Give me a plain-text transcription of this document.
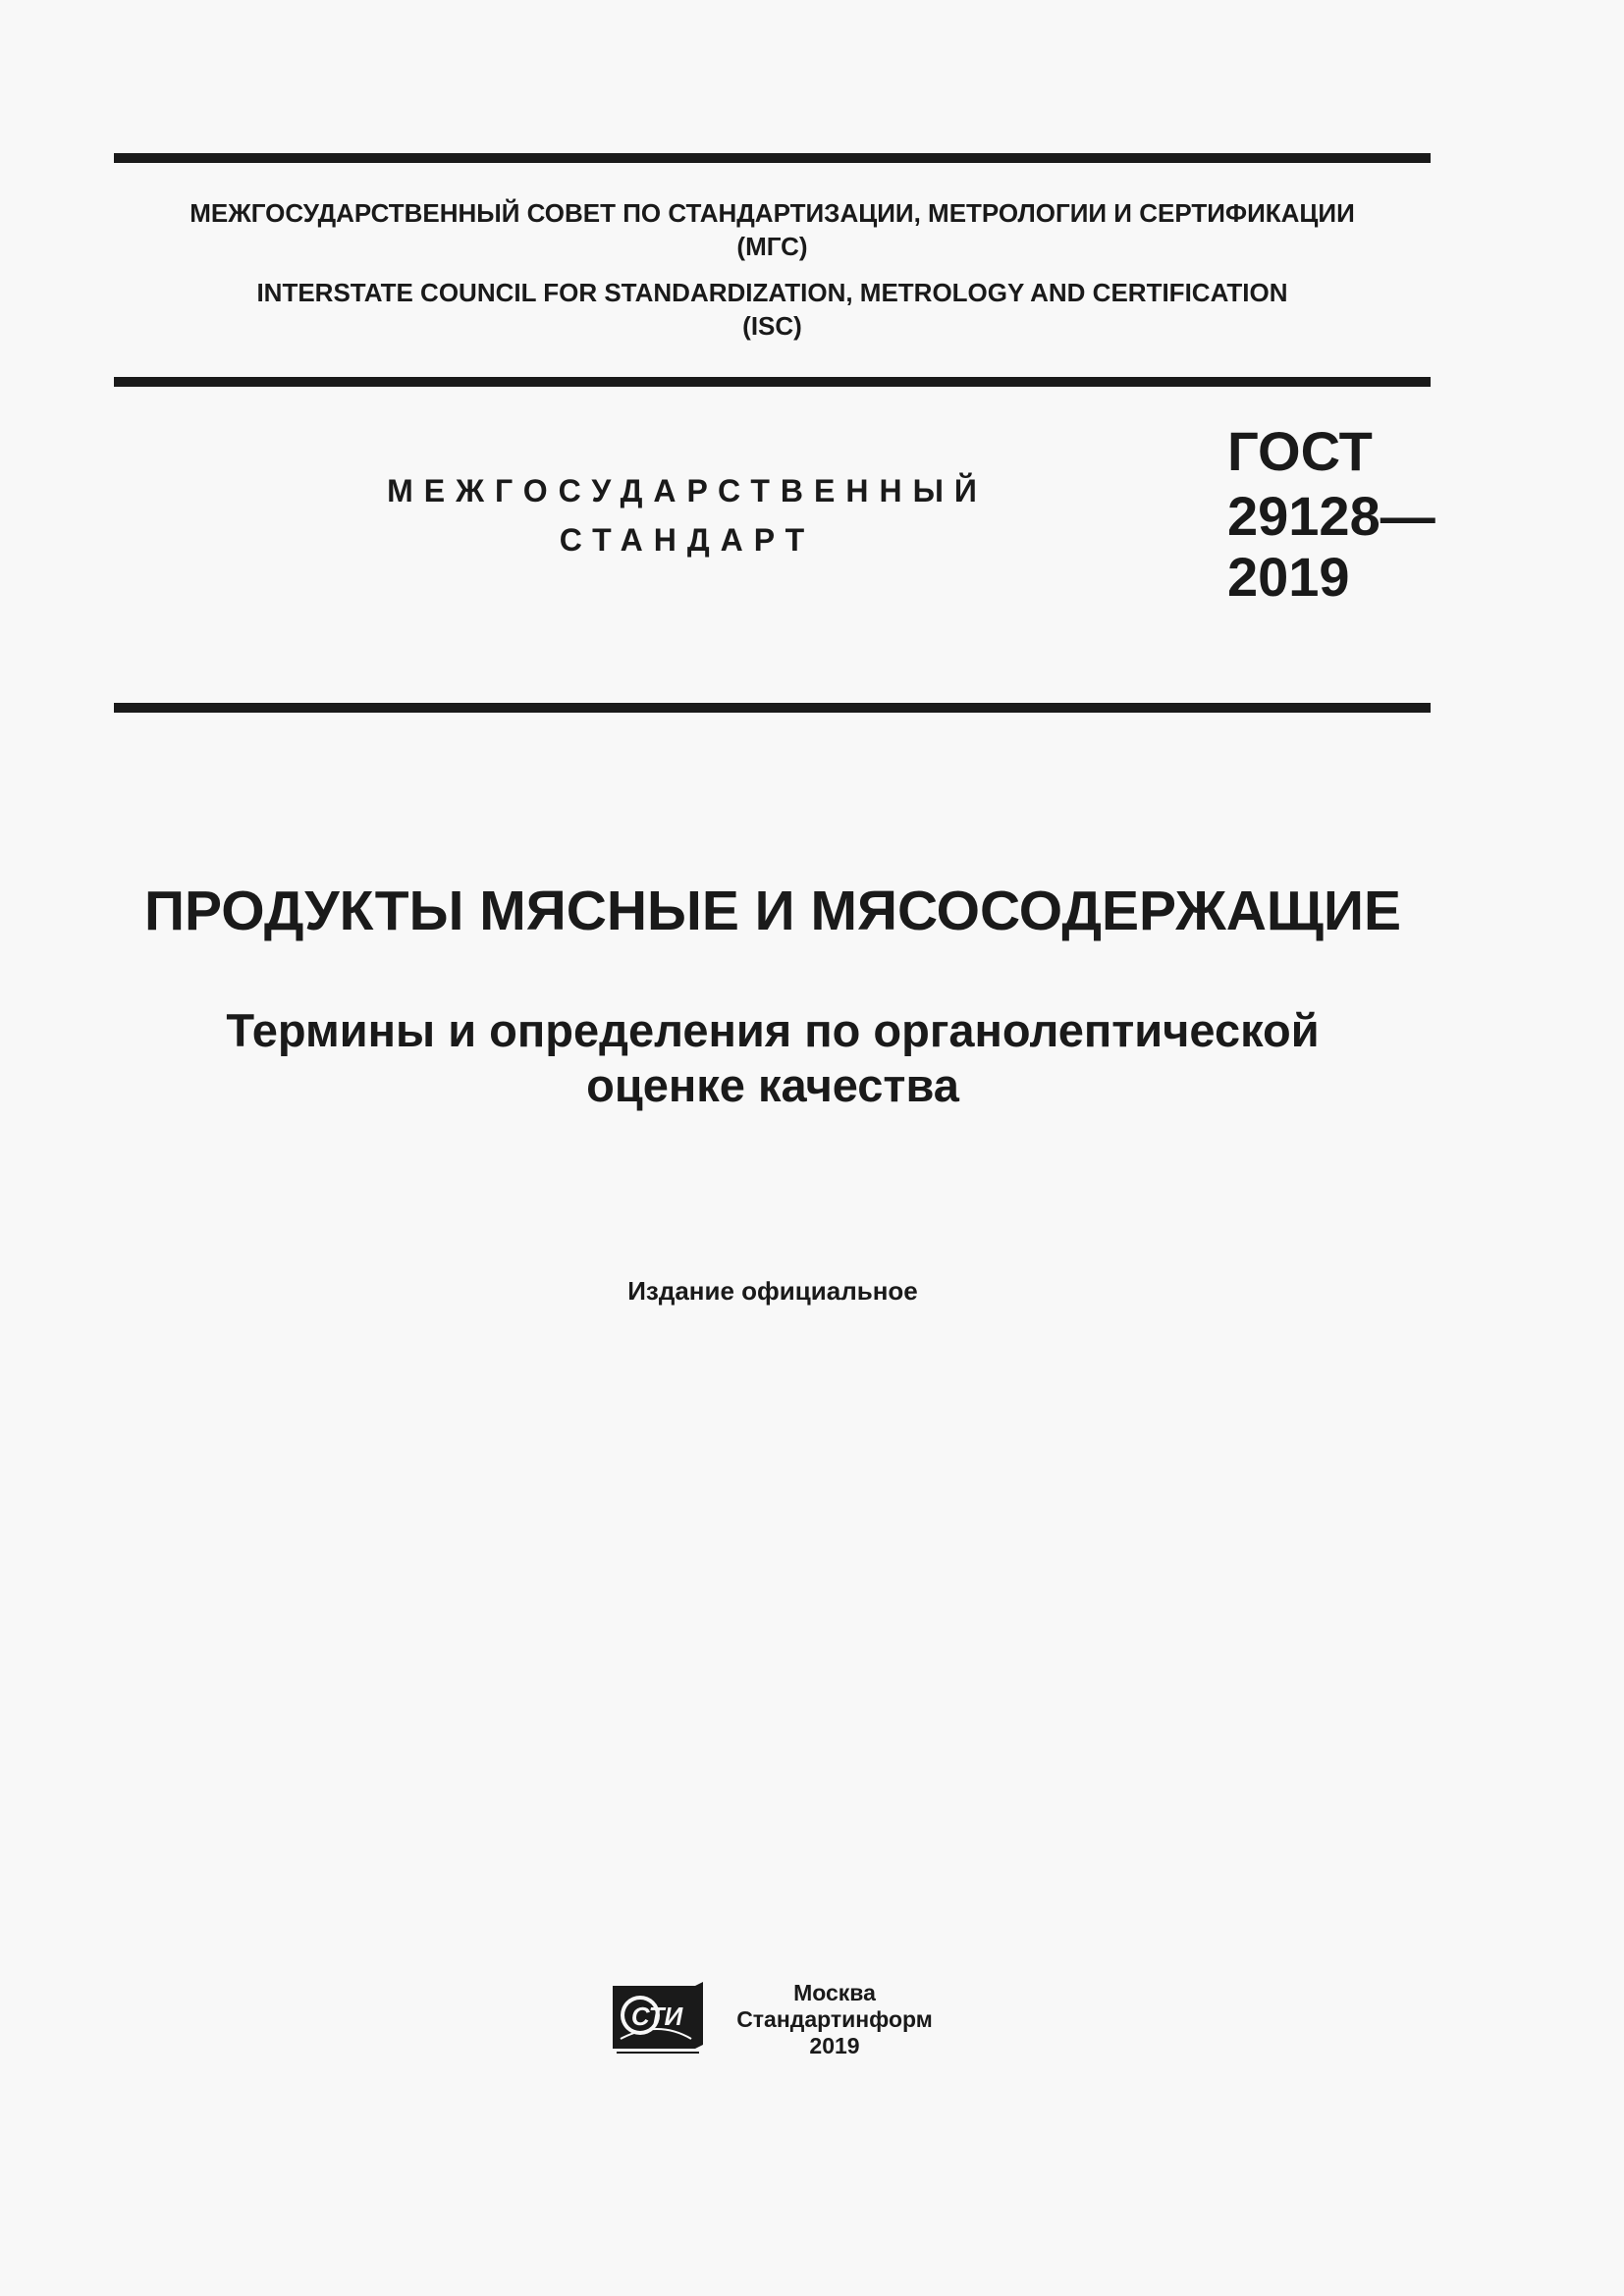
МЕЖГОСУДАРСТВЕННЫЙ СОВЕТ ПО СТАНДАРТИЗАЦИИ, МЕТРОЛОГИИ И СЕРТИФИКАЦИИ
(МГС)
INTERSTATE COUNCIL FOR STANDARDIZATION, METROLOGY AND CERTIFICATION
(ISC)
МЕЖГОСУДАРСТВЕННЫЙ
СТАНДАРТ
ГОСТ
29128—
2019
ПРОДУКТЫ МЯСНЫЕ И МЯСОСОДЕРЖАЩИЕ
Термины и определения по органолептической
оценке качества
Издание официальное
СТИ
Москва
Стандартинформ
2019
